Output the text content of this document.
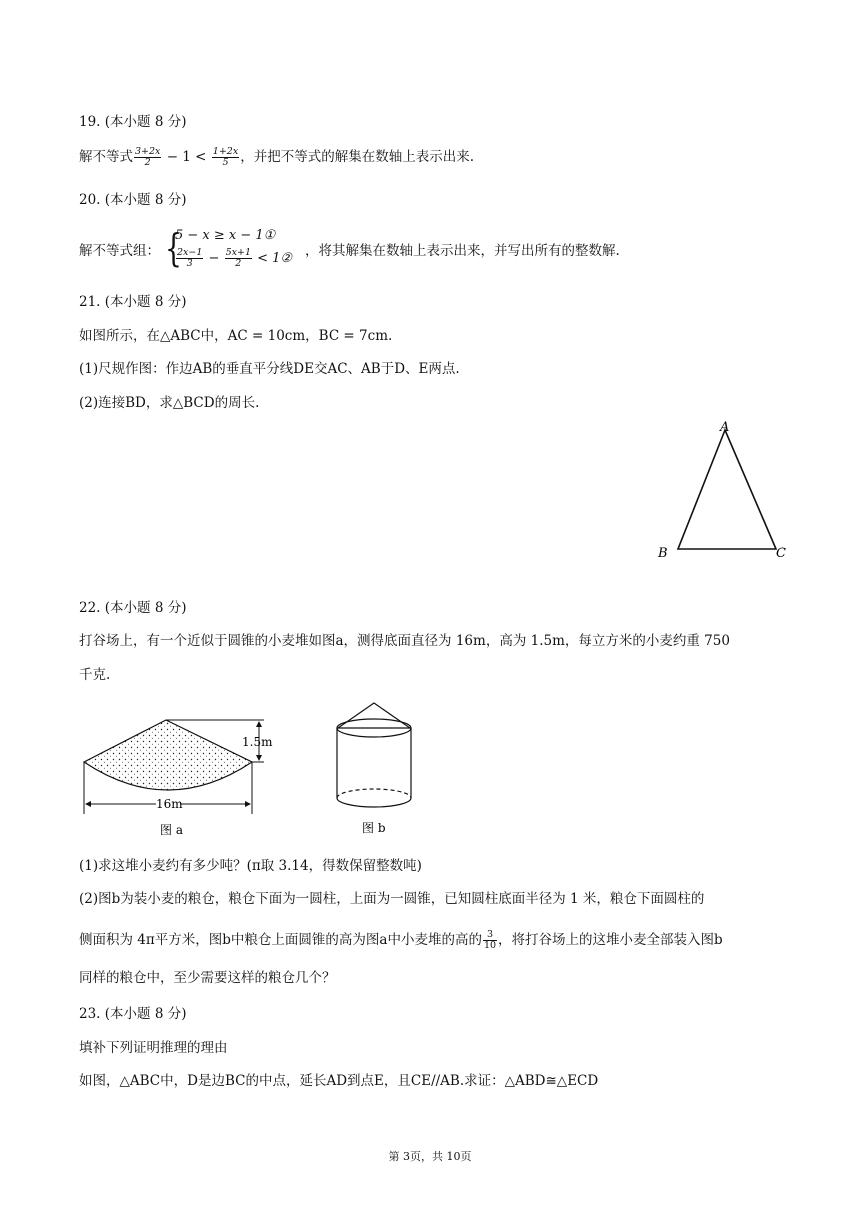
19. (本小题 8 分)
解不等式 $\frac{3+2x}{2} - 1 < \frac{1+2x}{5}$ ，并把不等式的解集在数轴上表示出来.
20. (本小题 8 分)
解不等式组： {
5 − x ≥ x − 1①
$\frac{2x-1}{3} - \frac{5x+1}{2}$ < 1② ，将其解集在数轴上表示出来，并写出所有的整数解.
21. (本小题 8 分)
如图所示，在△ABC中，AC = 10cm，BC = 7cm.
(1)尺规作图：作边AB的垂直平分线DE交AC、AB于D、E两点.
(2)连接BD，求△BCD的周长.
A
B	C
22. (本小题 8 分)
打谷场上，有一个近似于圆锥的小麦堆如图a，测得底面直径为 16m，高为 1.5m，每立方米的小麦约重 750
千克.
1.5m
16m
图 a	图 b
(1)求这堆小麦约有多少吨？(π取 3.14，得数保留整数吨)
(2)图b为装小麦的粮仓，粮仓下面为一圆柱，上面为一圆锥，已知圆柱底面半径为 1 米，粮仓下面圆柱的
侧面积为 4π平方米，图b中粮仓上面圆锥的高为图a中小麦堆的高的 $\frac{3}{10}$ ，将打谷场上的这堆小麦全部装入图b
同样的粮仓中，至少需要这样的粮仓几个？
23. (本小题 8 分)
填补下列证明推理的理由
如图，△ABC中，D是边BC的中点，延长AD到点E，且CE//AB.求证：△ABD≅△ECD
第 3页，共 10页
